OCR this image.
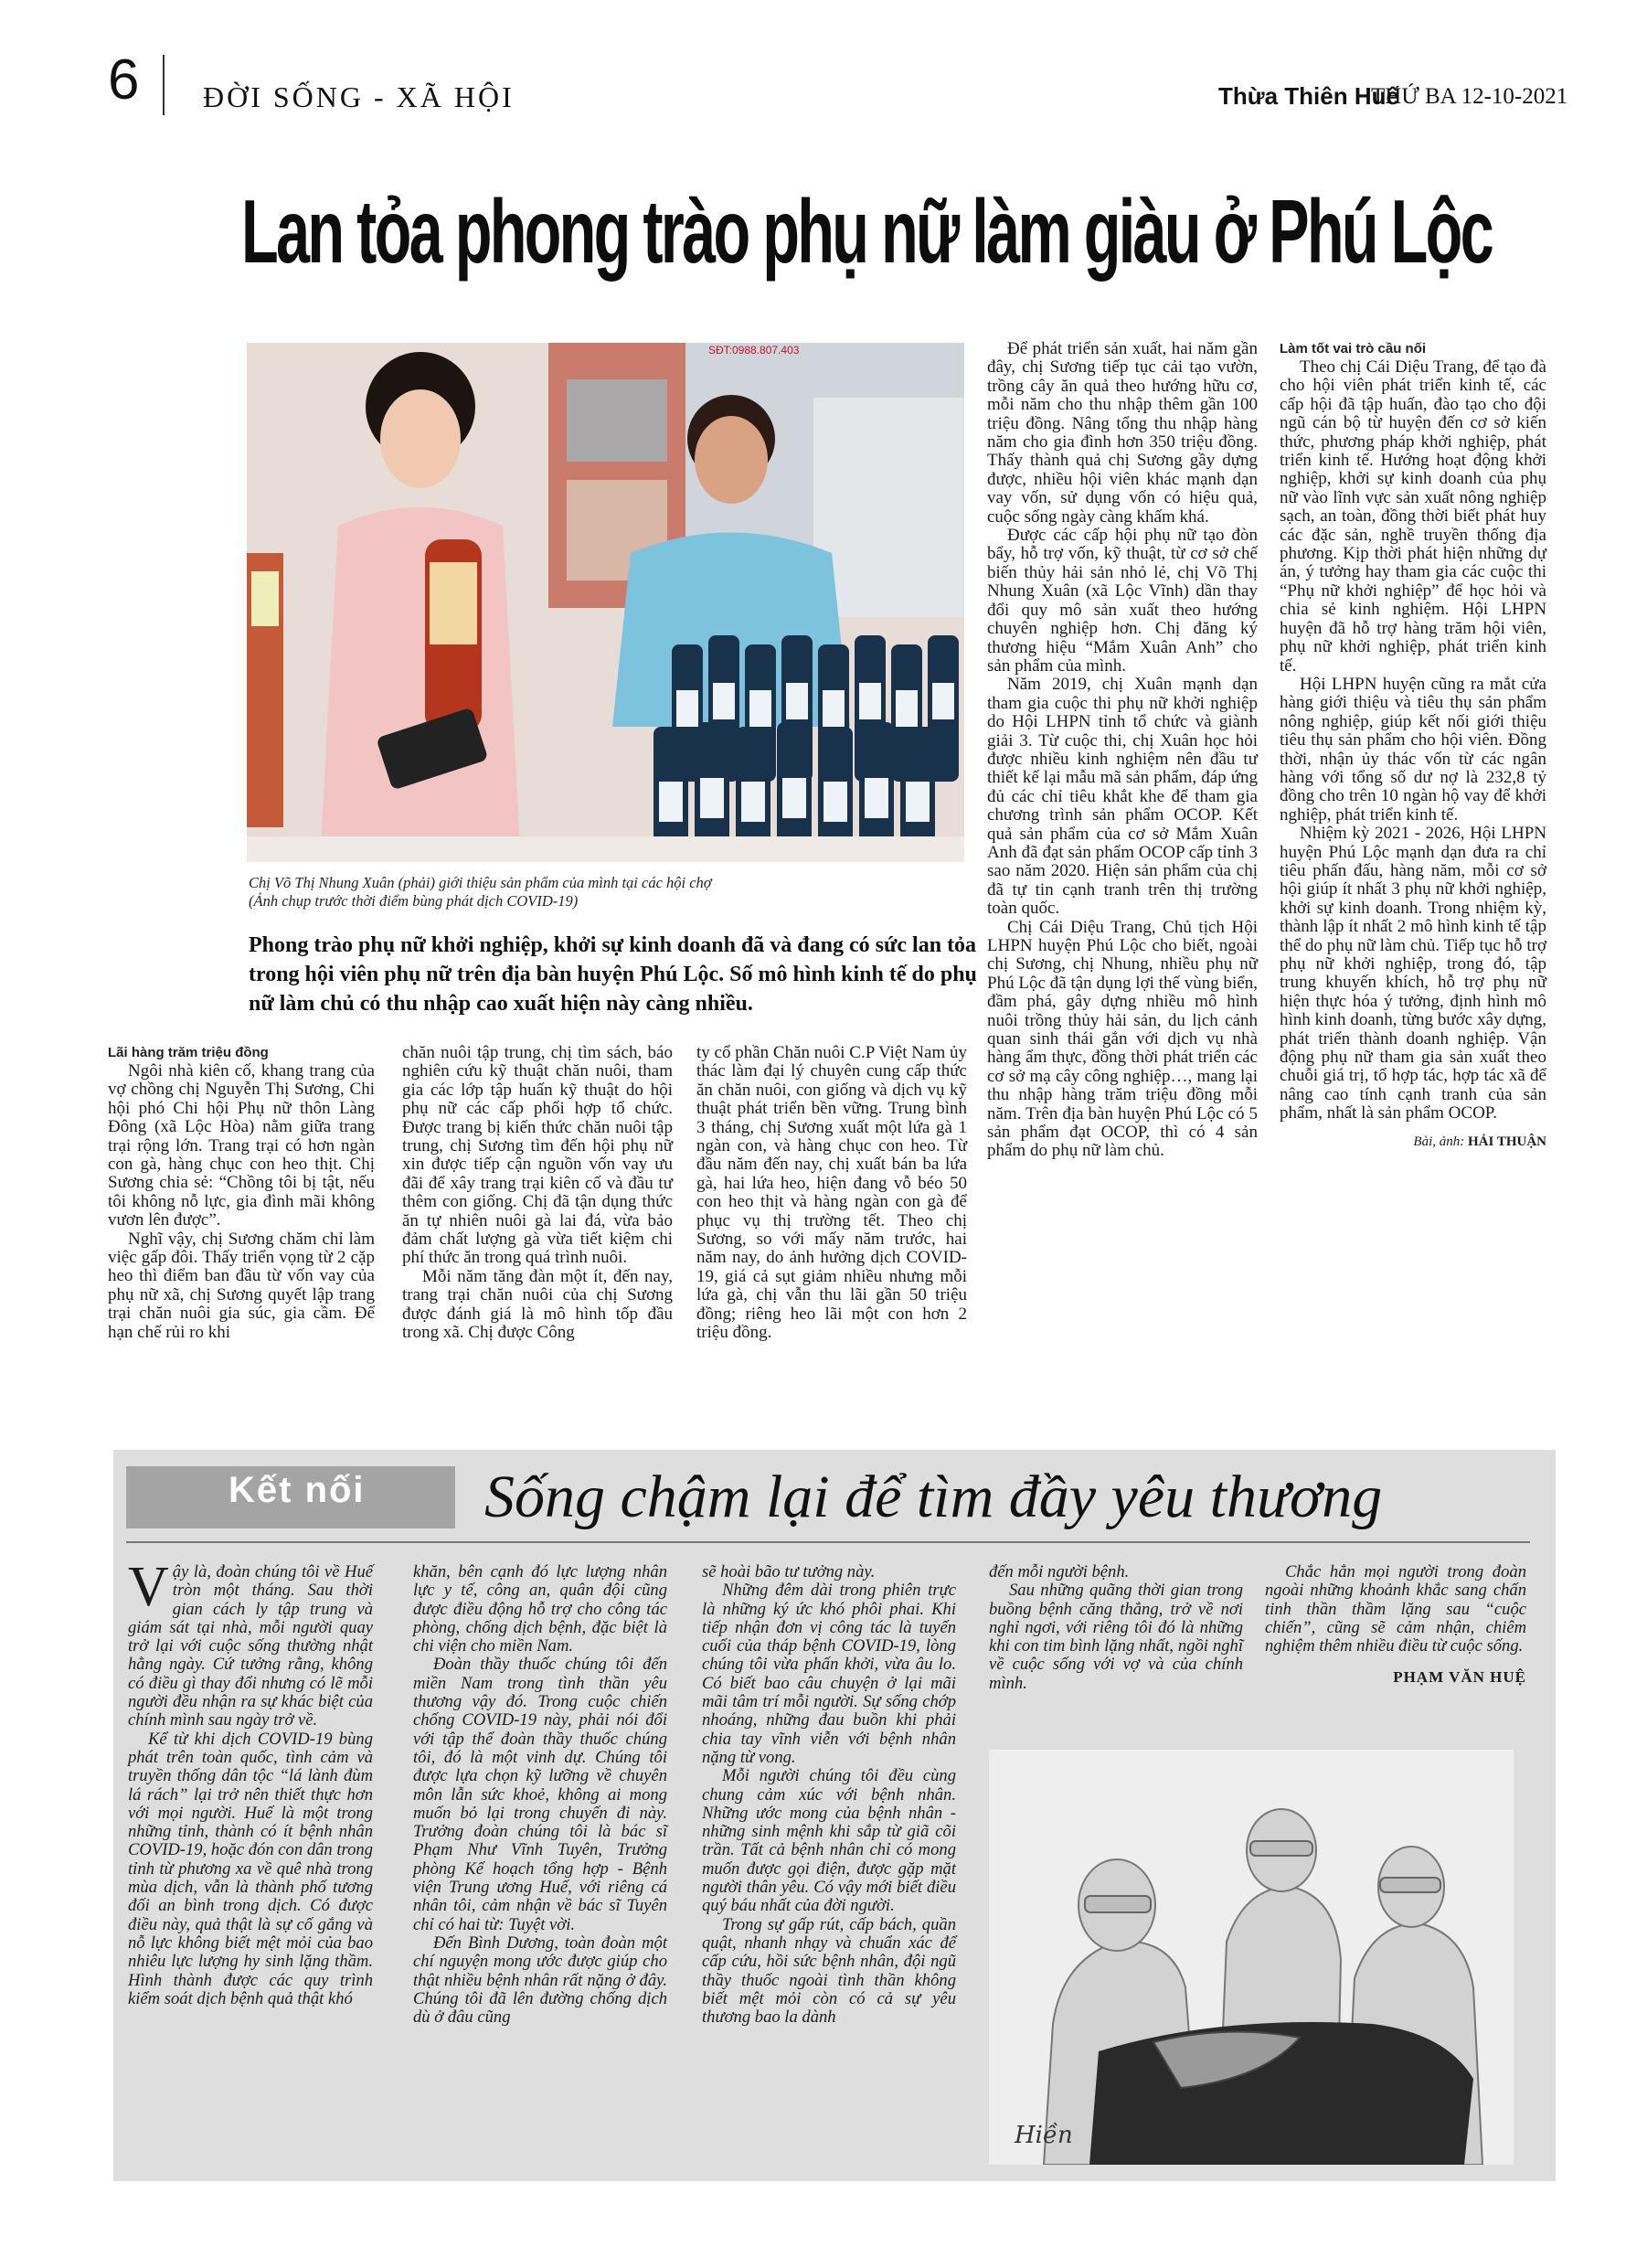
6 ĐỜI SỐNG - XÃ HỘI	Thừa Thiên Huế
THỨ BA 12-10-2021
Lan tỏa phong trào phụ nữ làm giàu ở Phú Lộc
SĐT:0988.807.403
Chị Võ Thị Nhung Xuân (phải) giới thiệu sản phẩm của mình tại các hội chợ
(Ảnh chụp trước thời điểm bùng phát dịch COVID-19)
Phong trào phụ nữ khởi nghiệp, khởi sự kinh doanh đã và đang có sức lan tỏa trong hội viên phụ nữ trên địa bàn huyện Phú Lộc. Số mô hình kinh tế do phụ nữ làm chủ có thu nhập cao xuất hiện này càng nhiều.
Lãi hàng trăm triệu đồng

Ngôi nhà kiên cố, khang trang của vợ chồng chị Nguyễn Thị Sương, Chi hội phó Chi hội Phụ nữ thôn Làng Đông (xã Lộc Hòa) nằm giữa trang trại rộng lớn. Trang trại có hơn ngàn con gà, hàng chục con heo thịt. Chị Sương chia sẻ: “Chồng tôi bị tật, nếu tôi không nỗ lực, gia đình mãi không vươn lên được”.

Nghĩ vậy, chị Sương chăm chỉ làm việc gấp đôi. Thấy triển vọng từ 2 cặp heo thì điểm ban đầu từ vốn vay của phụ nữ xã, chị Sương quyết lập trang trại chăn nuôi gia súc, gia cầm. Để hạn chế rủi ro khi

chăn nuôi tập trung, chị tìm sách, báo nghiên cứu kỹ thuật chăn nuôi, tham gia các lớp tập huấn kỹ thuật do hội phụ nữ các cấp phối hợp tổ chức. Được trang bị kiến thức chăn nuôi tập trung, chị Sương tìm đến hội phụ nữ xin được tiếp cận nguồn vốn vay ưu đãi để xây trang trại kiên cố và đầu tư thêm con giống. Chị đã tận dụng thức ăn tự nhiên nuôi gà lai đá, vừa bảo đảm chất lượng gà vừa tiết kiệm chi phí thức ăn trong quá trình nuôi.

Mỗi năm tăng đàn một ít, đến nay, trang trại chăn nuôi của chị Sương được đánh giá là mô hình tốp đầu trong xã. Chị được Công

ty cổ phần Chăn nuôi C.P Việt Nam ủy thác làm đại lý chuyên cung cấp thức ăn chăn nuôi, con giống và dịch vụ kỹ thuật phát triển bền vững. Trung bình 3 tháng, chị Sương xuất một lứa gà 1 ngàn con, và hàng chục con heo. Từ đầu năm đến nay, chị xuất bán ba lứa gà, hai lứa heo, hiện đang vỗ béo 50 con heo thịt và hàng ngàn con gà để phục vụ thị trường tết. Theo chị Sương, so với mấy năm trước, hai năm nay, do ảnh hưởng dịch COVID-19, giá cả sụt giảm nhiều nhưng mỗi lứa gà, chị vẫn thu lãi gần 50 triệu đồng; riêng heo lãi một con hơn 2 triệu đồng.

Để phát triển sản xuất, hai năm gần đây, chị Sương tiếp tục cải tạo vườn, trồng cây ăn quả theo hướng hữu cơ, mỗi năm cho thu nhập thêm gần 100 triệu đồng. Nâng tổng thu nhập hàng năm cho gia đình hơn 350 triệu đồng. Thấy thành quả chị Sương gầy dựng được, nhiều hội viên khác mạnh dạn vay vốn, sử dụng vốn có hiệu quả, cuộc sống ngày càng khấm khá.

Được các cấp hội phụ nữ tạo đòn bẩy, hỗ trợ vốn, kỹ thuật, từ cơ sở chế biến thủy hải sản nhỏ lẻ, chị Võ Thị Nhung Xuân (xã Lộc Vĩnh) dần thay đổi quy mô sản xuất theo hướng chuyên nghiệp hơn. Chị đăng ký thương hiệu “Mắm Xuân Anh” cho sản phẩm của mình.

Năm 2019, chị Xuân mạnh dạn tham gia cuộc thi phụ nữ khởi nghiệp do Hội LHPN tỉnh tổ chức và giành giải 3. Từ cuộc thi, chị Xuân học hỏi được nhiều kinh nghiệm nên đầu tư thiết kế lại mẫu mã sản phẩm, đáp ứng đủ các chỉ tiêu khắt khe để tham gia chương trình sản phẩm OCOP. Kết quả sản phẩm của cơ sở Mắm Xuân Anh đã đạt sản phẩm OCOP cấp tỉnh 3 sao năm 2020. Hiện sản phẩm của chị đã tự tin cạnh tranh trên thị trường toàn quốc.

Chị Cái Diệu Trang, Chủ tịch Hội LHPN huyện Phú Lộc cho biết, ngoài chị Sương, chị Nhung, nhiều phụ nữ Phú Lộc đã tận dụng lợi thế vùng biển, đầm phá, gây dựng nhiều mô hình nuôi trồng thủy hải sản, du lịch cảnh quan sinh thái gắn với dịch vụ nhà hàng ẩm thực, đồng thời phát triển các cơ sở mạ cây công nghiệp…, mang lại thu nhập hàng trăm triệu đồng mỗi năm. Trên địa bàn huyện Phú Lộc có 5 sản phẩm đạt OCOP, thì có 4 sản phẩm do phụ nữ làm chủ.

Làm tốt vai trò cầu nối

Theo chị Cái Diệu Trang, để tạo đà cho hội viên phát triển kinh tế, các cấp hội đã tập huấn, đào tạo cho đội ngũ cán bộ từ huyện đến cơ sở kiến thức, phương pháp khởi nghiệp, phát triển kinh tế. Hướng hoạt động khởi nghiệp, khởi sự kinh doanh của phụ nữ vào lĩnh vực sản xuất nông nghiệp sạch, an toàn, đồng thời biết phát huy các đặc sản, nghề truyền thống địa phương. Kịp thời phát hiện những dự án, ý tưởng hay tham gia các cuộc thi “Phụ nữ khởi nghiệp” để học hỏi và chia sẻ kinh nghiệm. Hội LHPN huyện đã hỗ trợ hàng trăm hội viên, phụ nữ khởi nghiệp, phát triển kinh tế.

Hội LHPN huyện cũng ra mắt cửa hàng giới thiệu và tiêu thụ sản phẩm nông nghiệp, giúp kết nối giới thiệu tiêu thụ sản phẩm cho hội viên. Đồng thời, nhận ủy thác vốn từ các ngân hàng với tổng số dư nợ là 232,8 tỷ đồng cho trên 10 ngàn hộ vay để khởi nghiệp, phát triển kinh tế.

Nhiệm kỳ 2021 - 2026, Hội LHPN huyện Phú Lộc mạnh dạn đưa ra chỉ tiêu phấn đấu, hàng năm, mỗi cơ sở hội giúp ít nhất 3 phụ nữ khởi nghiệp, khởi sự kinh doanh. Trong nhiệm kỳ, thành lập ít nhất 2 mô hình kinh tế tập thể do phụ nữ làm chủ. Tiếp tục hỗ trợ phụ nữ khởi nghiệp, trong đó, tập trung khuyến khích, hỗ trợ phụ nữ hiện thực hóa ý tưởng, định hình mô hình kinh doanh, từng bước xây dựng, phát triển thành doanh nghiệp. Vận động phụ nữ tham gia sản xuất theo chuỗi giá trị, tổ hợp tác, hợp tác xã để nâng cao tính cạnh tranh của sản phẩm, nhất là sản phẩm OCOP.

Bài, ảnh: HẢI THUẬN
Kết nối Sống chậm lại để tìm đầy yêu thương

Vậy là, đoàn chúng tôi về Huế tròn một tháng. Sau thời gian cách ly tập trung và giám sát tại nhà, mỗi người quay trở lại với cuộc sống thường nhật hằng ngày. Cứ tưởng rằng, không có điều gì thay đổi nhưng có lẽ mỗi người đều nhận ra sự khác biệt của chính mình sau ngày trở về.

Kể từ khi dịch COVID-19 bùng phát trên toàn quốc, tình cảm và truyền thống dân tộc “lá lành đùm lá rách” lại trở nên thiết thực hơn với mọi người. Huế là một trong những tỉnh, thành có ít bệnh nhân COVID-19, hoặc đón con dân trong tỉnh từ phương xa về quê nhà trong mùa dịch, vẫn là thành phố tương đối an bình trong dịch. Có được điều này, quả thật là sự cố gắng và nỗ lực không biết mệt mỏi của bao nhiêu lực lượng hy sinh lặng thầm. Hình thành được các quy trình kiểm soát dịch bệnh quả thật khó

khăn, bên cạnh đó lực lượng nhân lực y tế, công an, quân đội cũng được điều động hỗ trợ cho công tác phòng, chống dịch bệnh, đặc biệt là chi viện cho miền Nam.

Đoàn thầy thuốc chúng tôi đến miền Nam trong tình thần yêu thương vậy đó. Trong cuộc chiến chống COVID-19 này, phải nói đổi với tập thể đoàn thầy thuốc chúng tôi, đó là một vinh dự. Chúng tôi được lựa chọn kỹ lưỡng về chuyên môn lẫn sức khoẻ, không ai mong muốn bỏ lại trong chuyến đi này. Trưởng đoàn chúng tôi là bác sĩ Phạm Như Vĩnh Tuyên, Trưởng phòng Kế hoạch tổng hợp - Bệnh viện Trung ương Huế, với riêng cá nhân tôi, cảm nhận về bác sĩ Tuyên chỉ có hai từ: Tuyệt vời.

Đến Bình Dương, toàn đoàn một chí nguyện mong ước được giúp cho thật nhiều bệnh nhân rất nặng ở đây. Chúng tôi đã lên đường chống dịch dù ở đâu cũng

sẽ hoài bão tư tưởng này.

Những đêm dài trong phiên trực là những ký ức khó phôi phai. Khi tiếp nhận đơn vị công tác là tuyến cuối của tháp bệnh COVID-19, lòng chúng tôi vừa phấn khởi, vừa âu lo. Có biết bao câu chuyện ở lại mãi mãi tâm trí mỗi người. Sự sống chớp nhoáng, những đau buồn khi phải chia tay vĩnh viễn với bệnh nhân nặng từ vong.

Mỗi người chúng tôi đều cùng chung cảm xúc với bệnh nhân. Những ước mong của bệnh nhân - những sinh mệnh khi sắp từ giã cõi trần. Tất cả bệnh nhân chỉ có mong muốn được gọi điện, được gặp mặt người thân yêu. Có vậy mới biết điều quý báu nhất của đời người.

Trong sự gấp rút, cấp bách, quần quật, nhanh nhạy và chuẩn xác để cấp cứu, hồi sức bệnh nhân, đội ngũ thầy thuốc ngoài tình thần không biết mệt mỏi còn có cả sự yêu thương bao la dành

đến mỗi người bệnh.

Sau những quãng thời gian trong buồng bệnh căng thẳng, trở về nơi nghỉ ngơi, với riêng tôi đó là những khi con tim bình lặng nhất, ngồi nghĩ về cuộc sống với vợ và của chính mình.

Chắc hẳn mọi người trong đoàn ngoài những khoảnh khắc sang chấn tinh thần thầm lặng sau “cuộc chiến”, cũng sẽ cảm nhận, chiêm nghiệm thêm nhiều điều từ cuộc sống.

PHẠM VĂN HUỆ
Hiền
